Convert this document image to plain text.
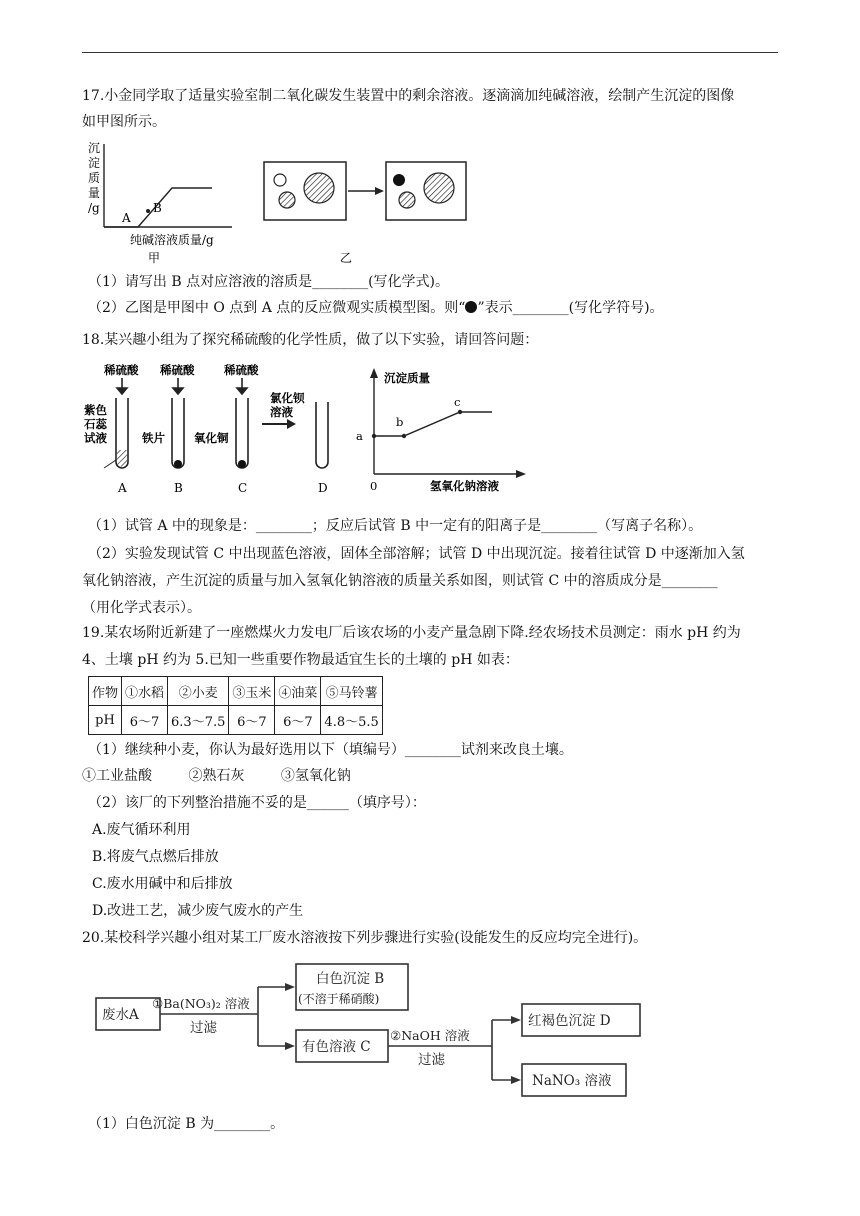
17.小金同学取了适量实验室制二氧化碳发生装置中的剩余溶液。逐滴滴加纯碱溶液，绘制产生沉淀的图像
如甲图所示。
沉
淀
质
量
/g
A
B
纯碱溶液质量/g
甲	乙
（1）请写出 B 点对应溶液的溶质是________(写化学式)。
（2）乙图是甲图中 O 点到 A 点的反应微观实质模型图。则“ ”表示________(写化学符号)。
18.某兴趣小组为了探究稀硫酸的化学性质，做了以下实验，请回答问题：
稀硫酸 稀硫酸	稀硫酸
紫色
石蕊
试液	铁片	氧化铜
氯化钡
溶液
A	B	C	D
沉淀质量
氢氧化钠溶液
0
a
b
c
（1）试管 A 中的现象是：________；反应后试管 B 中一定有的阳离子是________（写离子名称）。
（2）实验发现试管 C 中出现蓝色溶液，固体全部溶解；试管 D 中出现沉淀。接着往试管 D 中逐渐加入氢
氧化钠溶液，产生沉淀的质量与加入氢氧化钠溶液的质量关系如图，则试管 C 中的溶质成分是________
（用化学式表示）。
19.某农场附近新建了一座燃煤火力发电厂后该农场的小麦产量急剧下降.经农场技术员测定：雨水 pH 约为
4、土壤 pH 约为 5.已知一些重要作物最适宜生长的土壤的 pH 如表：
作物	①水稻	②小麦	③玉米	④油菜	⑤马铃薯
pH	6～7	6.3～7.5	6～7	6～7	4.8～5.5
（1）继续种小麦，你认为最好选用以下（填编号）________试剂来改良土壤。
①工业盐酸	②熟石灰	③氢氧化钠
（2）该厂的下列整治措施不妥的是______（填序号）：
A.废气循环利用
B.将废气点燃后排放
C.废水用碱中和后排放
D.改进工艺，减少废气废水的产生
20.某校科学兴趣小组对某工厂废水溶液按下列步骤进行实验(设能发生的反应均完全进行)。
废水A
①Ba(NO₃)₂ 溶液
过滤
白色沉淀 B
(不溶于稀硝酸)
有色溶液 C
②NaOH 溶液
过滤
红褐色沉淀 D
NaNO₃ 溶液
（1）白色沉淀 B 为________。
